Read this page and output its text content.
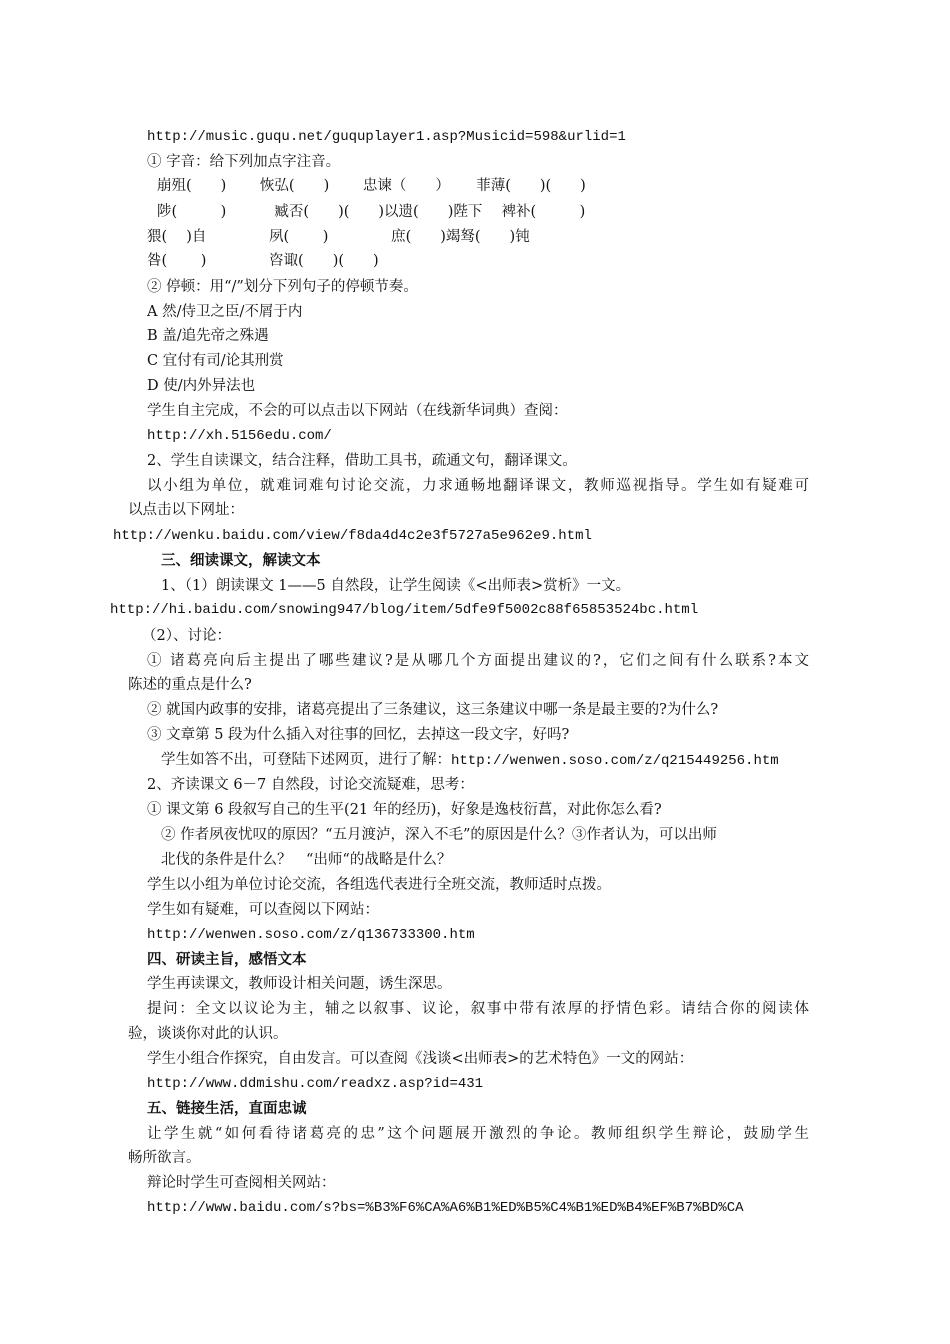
http://music.guqu.net/guquplayer1.asp?Musicid=598&urlid=1
① 字音：给下列加点字注音。
崩殂(　　)　　 恢弘(　　)　　 忠谏（　　）　　 菲薄(　　)(　　)
陟(　　　)　　　 臧否(　　)(　　)以遗(　　)陛下　 裨补(　　　)
猥(　 )自　　　　 夙(　　 )　　　　 庶(　　)竭驽(　　)钝
咎(　　 )　　　　 咨诹(　　)(　　)
② 停顿：用“/”划分下列句子的停顿节奏。
A 然/侍卫之臣/不屑于内
B 盖/追先帝之殊遇
C 宜付有司/论其刑赏
D 使/内外异法也
学生自主完成，不会的可以点击以下网站（在线新华词典）查阅：
http://xh.5156edu.com/
2、学生自读课文，结合注释，借助工具书，疏通文句，翻译课文。
以小组为单位，就难词难句讨论交流，力求通畅地翻译课文，教师巡视指导。学生如有疑难可
以点击以下网址：
http://wenku.baidu.com/view/f8da4d4c2e3f5727a5e962e9.html
三、细读课文，解读文本
1、（1）朗读课文 1——5 自然段，让学生阅读《<出师表>赏析》一文。
http://hi.baidu.com/snowing947/blog/item/5dfe9f5002c88f65853524bc.html
（2）、讨论：
① 诸葛亮向后主提出了哪些建议?是从哪几个方面提出建议的?，它们之间有什么联系?本文
陈述的重点是什么?
② 就国内政事的安排，诸葛亮提出了三条建议，这三条建议中哪一条是最主要的?为什么?
③ 文章第 5 段为什么插入对往事的回忆，去掉这一段文字，好吗?
学生如答不出，可登陆下述网页，进行了解：http://wenwen.soso.com/z/q215449256.htm
2、齐读课文 6－7 自然段，讨论交流疑难，思考：
① 课文第 6 段叙写自己的生平(21 年的经历)，好象是逸枝衍菖，对此你怎么看?
② 作者夙夜忧叹的原因？“五月渡泸，深入不毛”的原因是什么？③作者认为，可以出师
北伐的条件是什么？　“出师“的战略是什么？
学生以小组为单位讨论交流，各组选代表进行全班交流，教师适时点拨。
学生如有疑难，可以查阅以下网站：
http://wenwen.soso.com/z/q136733300.htm
四、研读主旨，感悟文本
学生再读课文，教师设计相关问题，诱生深思。
提问：全文以议论为主，辅之以叙事、议论，叙事中带有浓厚的抒情色彩。请结合你的阅读体
验，谈谈你对此的认识。
学生小组合作探究，自由发言。可以查阅《浅谈<出师表>的艺术特色》一文的网站：
http://www.ddmishu.com/readxz.asp?id=431
五、链接生活，直面忠诚
让学生就“如何看待诸葛亮的忠”这个问题展开激烈的争论。教师组织学生辩论，鼓励学生
畅所欲言。
辩论时学生可查阅相关网站：
http://www.baidu.com/s?bs=%B3%F6%CA%A6%B1%ED%B5%C4%B1%ED%B4%EF%B7%BD%CA
